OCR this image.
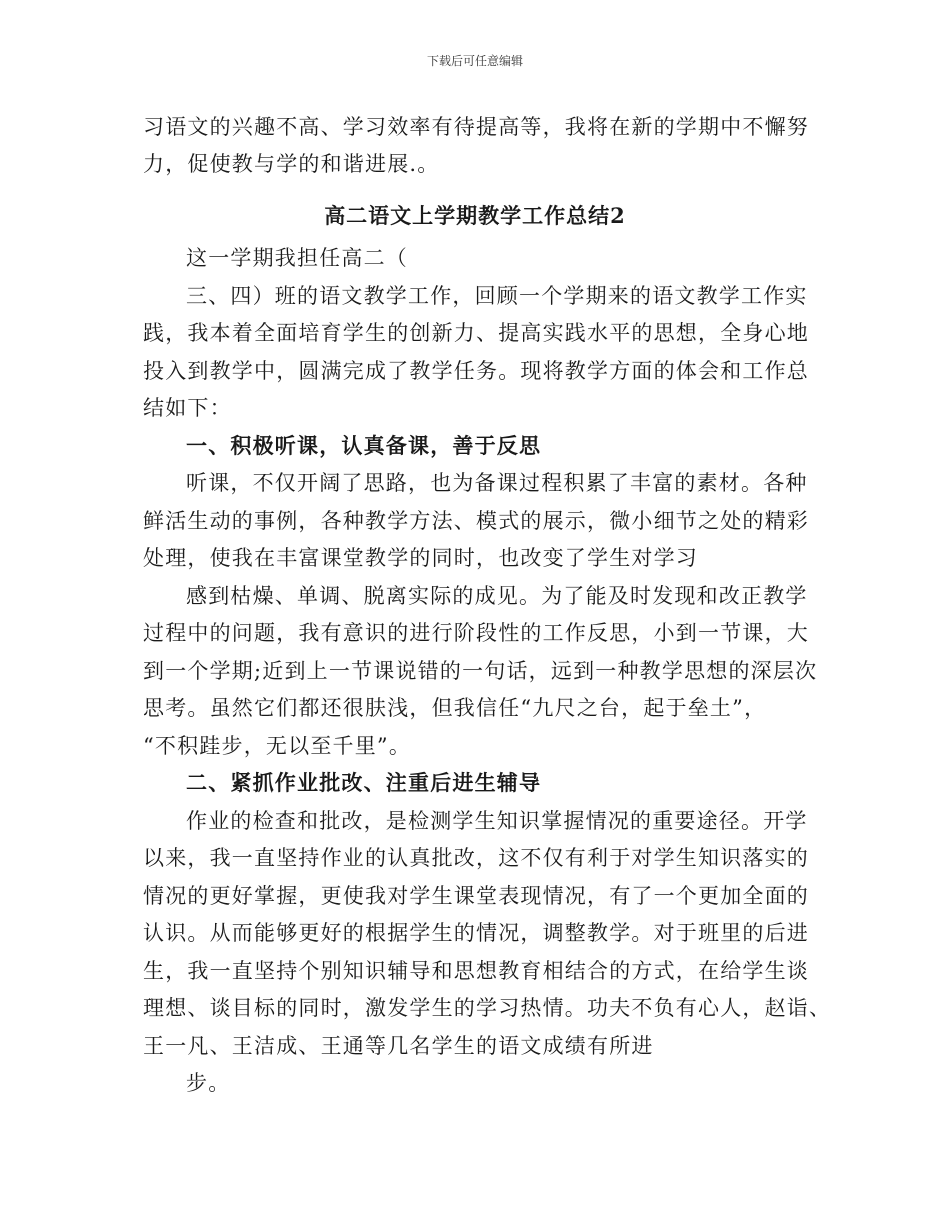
下载后可任意编辑
习语文的兴趣不高、学习效率有待提高等，我将在新的学期中不懈努
力，促使教与学的和谐进展.。
高二语文上学期教学工作总结2
这一学期我担任高二（
三、四）班的语文教学工作，回顾一个学期来的语文教学工作实
践，我本着全面培育学生的创新力、提高实践水平的思想，全身心地
投入到教学中，圆满完成了教学任务。现将教学方面的体会和工作总
结如下：
一、积极听课，认真备课，善于反思
听课，不仅开阔了思路，也为备课过程积累了丰富的素材。各种
鲜活生动的事例，各种教学方法、模式的展示，微小细节之处的精彩
处理，使我在丰富课堂教学的同时，也改变了学生对学习
感到枯燥、单调、脱离实际的成见。为了能及时发现和改正教学
过程中的问题，我有意识的进行阶段性的工作反思，小到一节课，大
到一个学期;近到上一节课说错的一句话，远到一种教学思想的深层次
思考。虽然它们都还很肤浅，但我信任“九尺之台，起于垒土”，
“不积跬步，无以至千里”。
二、紧抓作业批改、注重后进生辅导
作业的检查和批改，是检测学生知识掌握情况的重要途径。开学
以来，我一直坚持作业的认真批改，这不仅有利于对学生知识落实的
情况的更好掌握，更使我对学生课堂表现情况，有了一个更加全面的
认识。从而能够更好的根据学生的情况，调整教学。对于班里的后进
生，我一直坚持个别知识辅导和思想教育相结合的方式，在给学生谈
理想、谈目标的同时，激发学生的学习热情。功夫不负有心人，赵诣、
王一凡、王洁成、王通等几名学生的语文成绩有所进
步。
